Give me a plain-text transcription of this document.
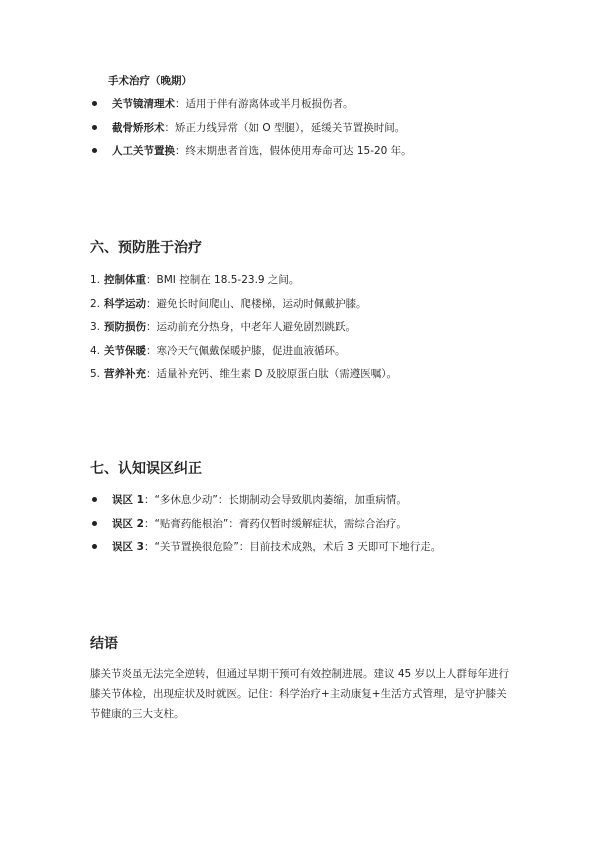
手术治疗（晚期）
关节镜清理术：适用于伴有游离体或半月板损伤者。
截骨矫形术：矫正力线异常（如 O 型腿），延缓关节置换时间。
人工关节置换：终末期患者首选，假体使用寿命可达 15-20 年。
六、预防胜于治疗
1. 控制体重：BMI 控制在 18.5-23.9 之间。
2. 科学运动：避免长时间爬山、爬楼梯，运动时佩戴护膝。
3. 预防损伤：运动前充分热身，中老年人避免剧烈跳跃。
4. 关节保暖：寒冷天气佩戴保暖护膝，促进血液循环。
5. 营养补充：适量补充钙、维生素 D 及胶原蛋白肽（需遵医嘱）。
七、认知误区纠正
误区 1：“多休息少动”：长期制动会导致肌肉萎缩，加重病情。
误区 2：“贴膏药能根治”：膏药仅暂时缓解症状，需综合治疗。
误区 3：“关节置换很危险”：目前技术成熟，术后 3 天即可下地行走。
结语

膝关节炎虽无法完全逆转，但通过早期干预可有效控制进展。建议 45 岁以上人群每年进行膝关节体检，出现症状及时就医。记住：科学治疗+主动康复+生活方式管理，是守护膝关节健康的三大支柱。
